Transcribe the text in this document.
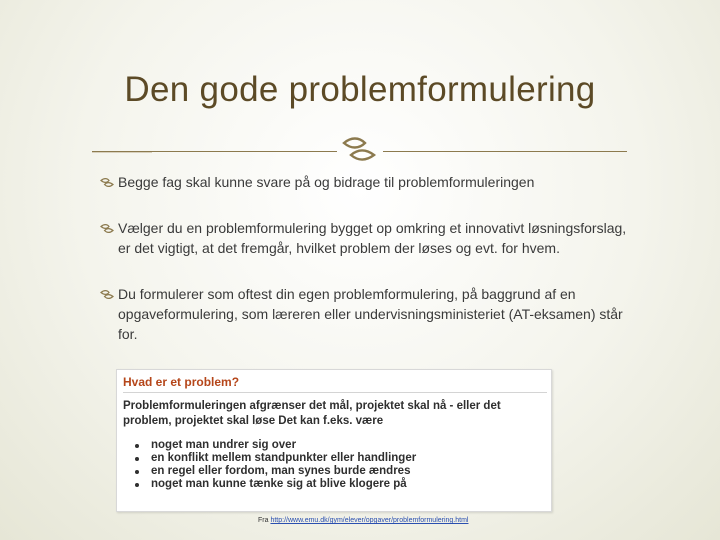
Den gode problemformulering
Begge fag skal kunne svare på og bidrage til problemformuleringen
Vælger du en problemformulering bygget op omkring et innovativt løsningsforslag, er det vigtigt, at det fremgår, hvilket problem der løses og evt. for hvem.
Du formulerer som oftest din egen problemformulering, på baggrund af en opgaveformulering, som læreren eller undervisningsministeriet (AT-eksamen) står for.
Hvad er et problem?
Problemformuleringen afgrænser det mål, projektet skal nå - eller det problem, projektet skal løse Det kan f.eks. være
noget man undrer sig over
en konflikt mellem standpunkter eller handlinger
en regel eller fordom, man synes burde ændres
noget man kunne tænke sig at blive klogere på
Fra http://www.emu.dk/gym/elever/opgaver/problemformulering.html
